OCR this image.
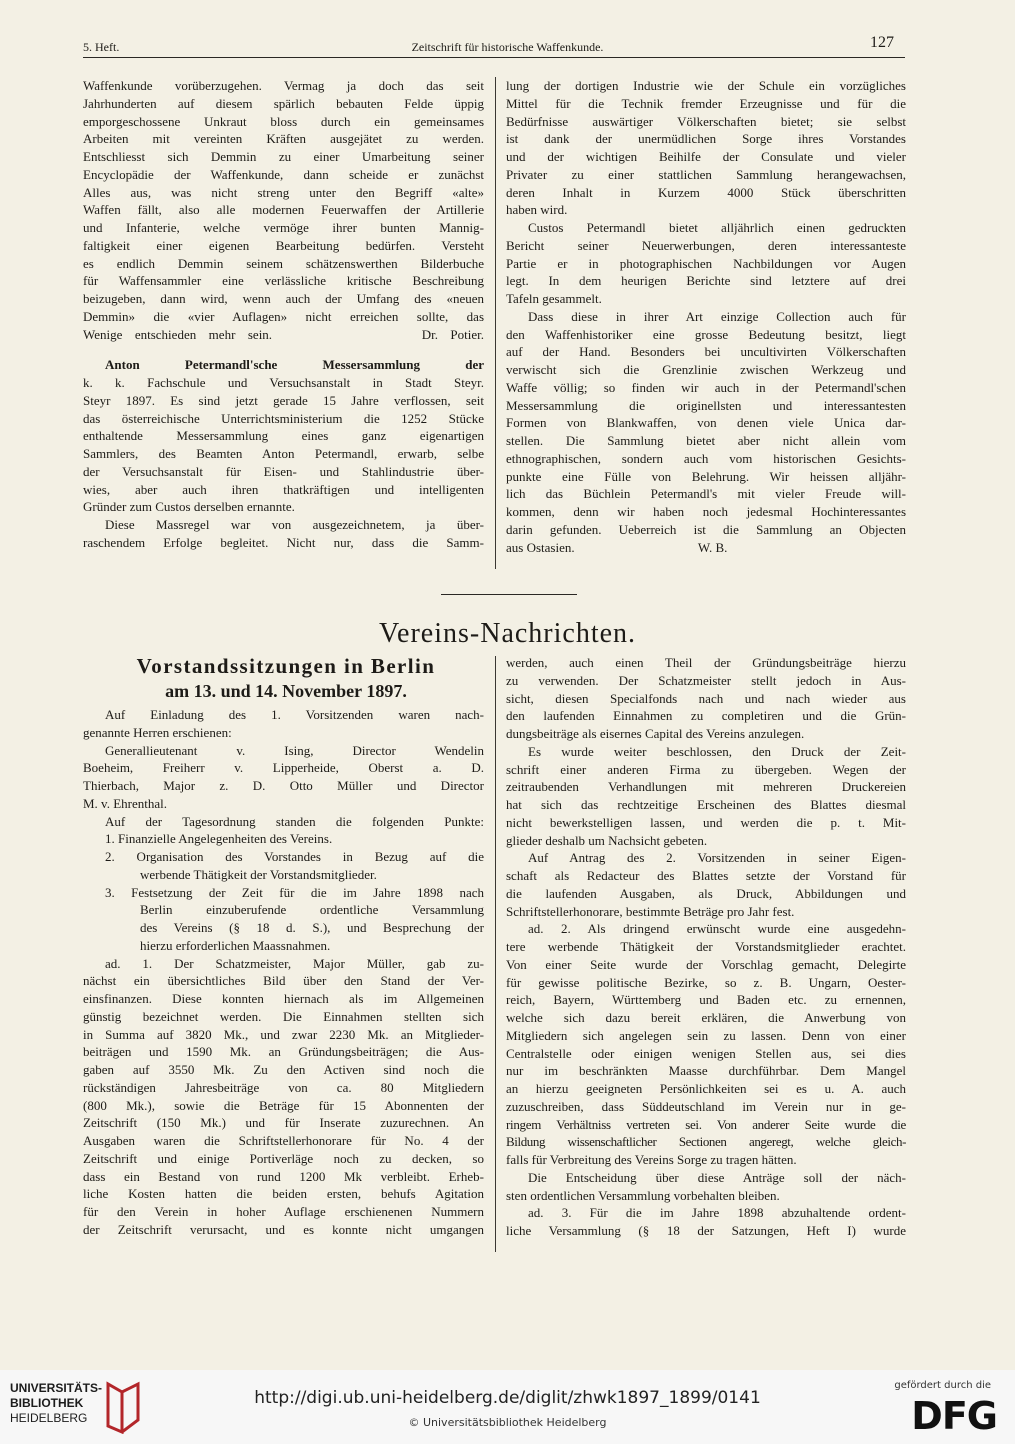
5. Heft.	Zeitschrift für historische Waffenkunde.	127

Waffenkunde vorüberzugehen. Vermag ja doch das seit

Jahrhunderten auf diesem spärlich bebauten Felde üppig

emporgeschossene Unkraut bloss durch ein gemeinsames

Arbeiten mit vereinten Kräften ausgejätet zu werden.

Entschliesst sich Demmin zu einer Umarbeitung seiner

Encyclopädie der Waffenkunde, dann scheide er zunächst

Alles aus, was nicht streng unter den Begriff «alte»

Waffen fällt, also alle modernen Feuerwaffen der Artillerie

und Infanterie, welche vermöge ihrer bunten Mannig-

faltigkeit einer eigenen Bearbeitung bedürfen. Versteht

es endlich Demmin seinem schätzenswerthen Bilderbuche

für Waffensammler eine verlässliche kritische Beschreibung

beizugeben, dann wird, wenn auch der Umfang des «neuen

Demmin» die «vier Auflagen» nicht erreichen sollte, das

Wenige entschieden mehr sein.            Dr. Potier.

Anton Petermandl'sche Messersammlung der

k. k. Fachschule und Versuchsanstalt in Stadt Steyr.

Steyr 1897. Es sind jetzt gerade 15 Jahre verflossen, seit

das österreichische Unterrichtsministerium die 1252 Stücke

enthaltende Messersammlung eines ganz eigenartigen

Sammlers, des Beamten Anton Petermandl, erwarb, selbe

der Versuchsanstalt für Eisen- und Stahlindustrie über-

wies, aber auch ihren thatkräftigen und intelligenten

Gründer zum Custos derselben ernannte.

Diese Massregel war von ausgezeichnetem, ja über-

raschendem Erfolge begleitet. Nicht nur, dass die Samm-

lung der dortigen Industrie wie der Schule ein vorzügliches

Mittel für die Technik fremder Erzeugnisse und für die

Bedürfnisse auswärtiger Völkerschaften bietet; sie selbst

ist dank der unermüdlichen Sorge ihres Vorstandes

und der wichtigen Beihilfe der Consulate und vieler

Privater zu einer stattlichen Sammlung herangewachsen,

deren Inhalt in Kurzem 4000 Stück überschritten

haben wird.

Custos Petermandl bietet alljährlich einen gedruckten

Bericht seiner Neuerwerbungen, deren interessanteste

Partie er in photographischen Nachbildungen vor Augen

legt. In dem heurigen Berichte sind letztere auf drei

Tafeln gesammelt.

Dass diese in ihrer Art einzige Collection auch für

den Waffenhistoriker eine grosse Bedeutung besitzt, liegt

auf der Hand. Besonders bei uncultivirten Völkerschaften

verwischt sich die Grenzlinie zwischen Werkzeug und

Waffe völlig; so finden wir auch in der Petermandl'schen

Messersammlung die originellsten und interessantesten

Formen von Blankwaffen, von denen viele Unica dar-

stellen. Die Sammlung bietet aber nicht allein vom

ethnographischen, sondern auch vom historischen Gesichts-

punkte eine Fülle von Belehrung. Wir heissen alljähr-

lich das Büchlein Petermandl's mit vieler Freude will-

kommen, denn wir haben noch jedesmal Hochinteressantes

darin gefunden. Ueberreich ist die Sammlung an Objecten

aus Ostasien.                                      W. B.

Vereins-Nachrichten.
Vorstandssitzungen in Berlin
am 13. und 14. November 1897.

Auf Einladung des 1. Vorsitzenden waren nach-

genannte Herren erschienen:

Generallieutenant v. Ising, Director Wendelin

Boeheim, Freiherr v. Lipperheide, Oberst a. D.

Thierbach, Major z. D. Otto Müller und Director

M. v. Ehrenthal.

Auf der Tagesordnung standen die folgenden Punkte:

1. Finanzielle Angelegenheiten des Vereins.

2. Organisation des Vorstandes in Bezug auf die

werbende Thätigkeit der Vorstandsmitglieder.

3. Festsetzung der Zeit für die im Jahre 1898 nach

Berlin einzuberufende ordentliche Versammlung

des Vereins (§ 18 d. S.), und Besprechung der

hierzu erforderlichen Maassnahmen.

ad. 1. Der Schatzmeister, Major Müller, gab zu-

nächst ein übersichtliches Bild über den Stand der Ver-

einsfinanzen. Diese konnten hiernach als im Allgemeinen

günstig bezeichnet werden. Die Einnahmen stellten sich

in Summa auf 3820 Mk., und zwar 2230 Mk. an Mitglieder-

beiträgen und 1590 Mk. an Gründungsbeiträgen; die Aus-

gaben auf 3550 Mk. Zu den Activen sind noch die

rückständigen Jahresbeiträge von ca. 80 Mitgliedern

(800 Mk.), sowie die Beträge für 15 Abonnenten der

Zeitschrift (150 Mk.) und für Inserate zuzurechnen. An

Ausgaben waren die Schriftstellerhonorare für No. 4 der

Zeitschrift und einige Portiverläge noch zu decken, so

dass ein Bestand von rund 1200 Mk verbleibt. Erheb-

liche Kosten hatten die beiden ersten, behufs Agitation

für den Verein in hoher Auflage erschienenen Nummern

der Zeitschrift verursacht, und es konnte nicht umgangen

werden, auch einen Theil der Gründungsbeiträge hierzu

zu verwenden. Der Schatzmeister stellt jedoch in Aus-

sicht, diesen Specialfonds nach und nach wieder aus

den laufenden Einnahmen zu completiren und die Grün-

dungsbeiträge als eisernes Capital des Vereins anzulegen.

Es wurde weiter beschlossen, den Druck der Zeit-

schrift einer anderen Firma zu übergeben. Wegen der

zeitraubenden Verhandlungen mit mehreren Druckereien

hat sich das rechtzeitige Erscheinen des Blattes diesmal

nicht bewerkstelligen lassen, und werden die p. t. Mit-

glieder deshalb um Nachsicht gebeten.

Auf Antrag des 2. Vorsitzenden in seiner Eigen-

schaft als Redacteur des Blattes setzte der Vorstand für

die laufenden Ausgaben, als Druck, Abbildungen und

Schriftstellerhonorare, bestimmte Beträge pro Jahr fest.

ad. 2. Als dringend erwünscht wurde eine ausgedehn-

tere werbende Thätigkeit der Vorstandsmitglieder erachtet.

Von einer Seite wurde der Vorschlag gemacht, Delegirte

für gewisse politische Bezirke, so z. B. Ungarn, Oester-

reich, Bayern, Württemberg und Baden etc. zu ernennen,

welche sich dazu bereit erklären, die Anwerbung von

Mitgliedern sich angelegen sein zu lassen. Denn von einer

Centralstelle oder einigen wenigen Stellen aus, sei dies

nur im beschränkten Maasse durchführbar. Dem Mangel

an hierzu geeigneten Persönlichkeiten sei es u. A. auch

zuzuschreiben, dass Süddeutschland im Verein nur in ge-

ringem Verhältniss vertreten sei. Von anderer Seite wurde die

Bildung wissenschaftlicher Sectionen angeregt, welche gleich-

falls für Verbreitung des Vereins Sorge zu tragen hätten.

Die Entscheidung über diese Anträge soll der näch-

sten ordentlichen Versammlung vorbehalten bleiben.

ad. 3. Für die im Jahre 1898 abzuhaltende ordent-

liche Versammlung (§ 18 der Satzungen, Heft I) wurde

UNIVERSITÄTS-
BIBLIOTHEK
HEIDELBERG
http://digi.ub.uni-heidelberg.de/diglit/zhwk1897_1899/0141
© Universitätsbibliothek Heidelberg
gefördert durch die
DFG
